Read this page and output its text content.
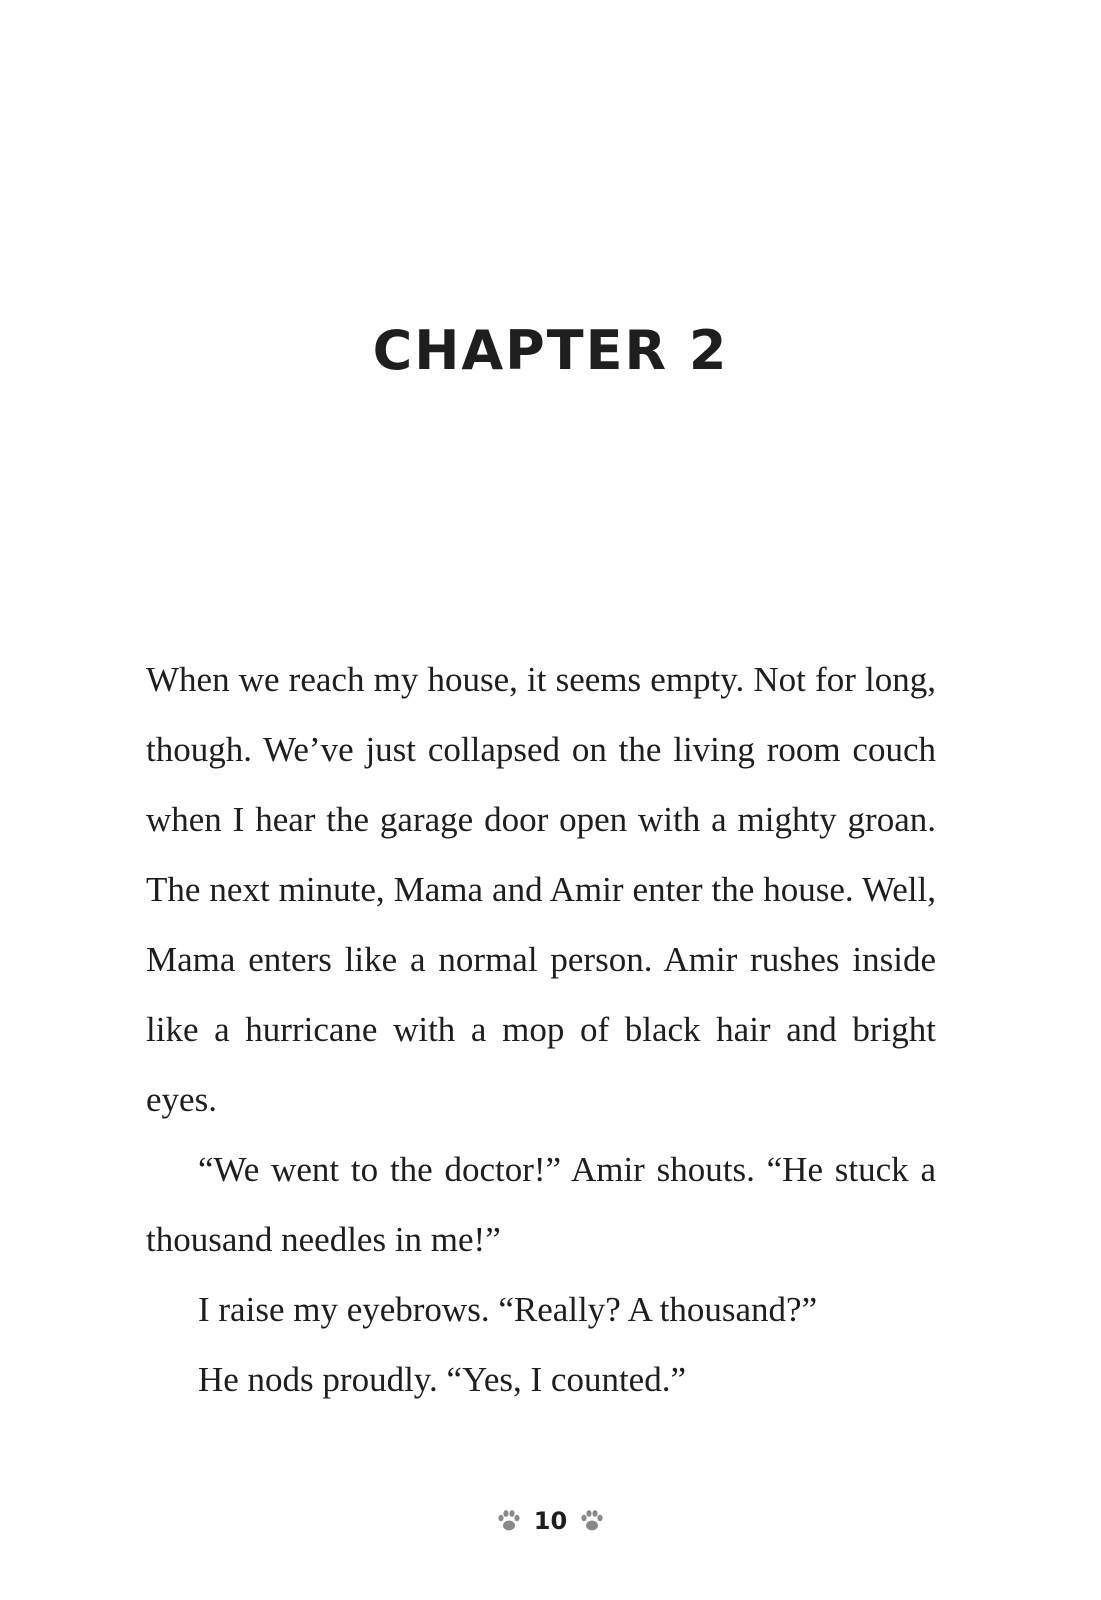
CHAPTER 2

When we reach my house, it seems empty. Not for long, though. We’ve just collapsed on the living room couch when I hear the garage door open with a mighty groan. The next minute, Mama and Amir enter the house. Well, Mama enters like a normal person. Amir rushes inside like a hurricane with a mop of black hair and bright eyes.

“We went to the doctor!” Amir shouts. “He stuck a thousand needles in me!”

I raise my eyebrows. “Really? A thousand?”

He nods proudly. “Yes, I counted.”

10
